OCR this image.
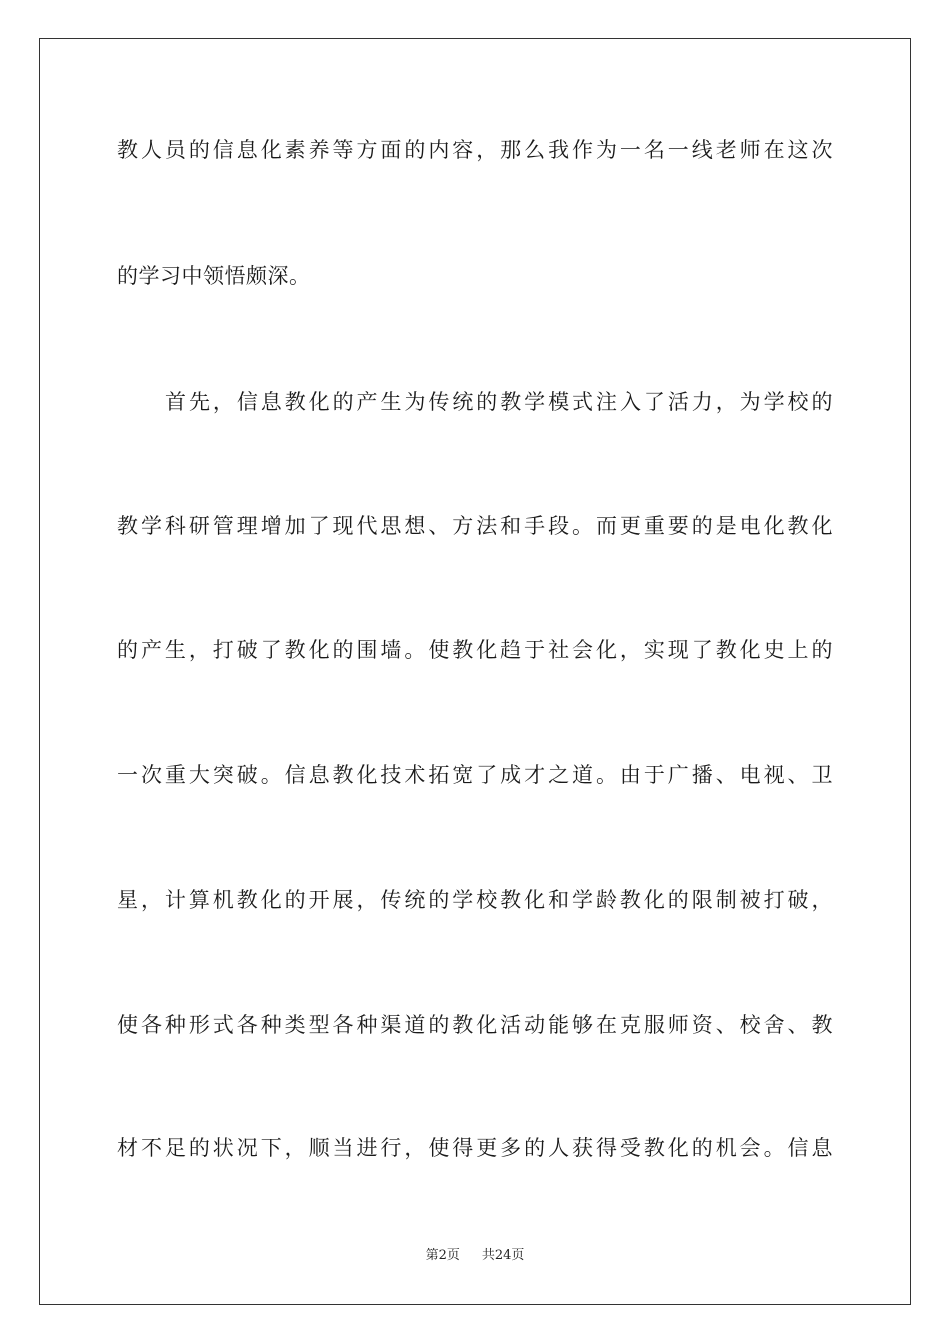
教人员的信息化素养等方面的内容，那么我作为一名一线老师在这次
的学习中领悟颇深。
首先，信息教化的产生为传统的教学模式注入了活力，为学校的
教学科研管理增加了现代思想、方法和手段。而更重要的是电化教化
的产生，打破了教化的围墙。使教化趋于社会化，实现了教化史上的
一次重大突破。信息教化技术拓宽了成才之道。由于广播、电视、卫
星，计算机教化的开展，传统的学校教化和学龄教化的限制被打破，
使各种形式各种类型各种渠道的教化活动能够在克服师资、校舍、教
材不足的状况下，顺当进行，使得更多的人获得受教化的机会。信息
第2页 共24页
